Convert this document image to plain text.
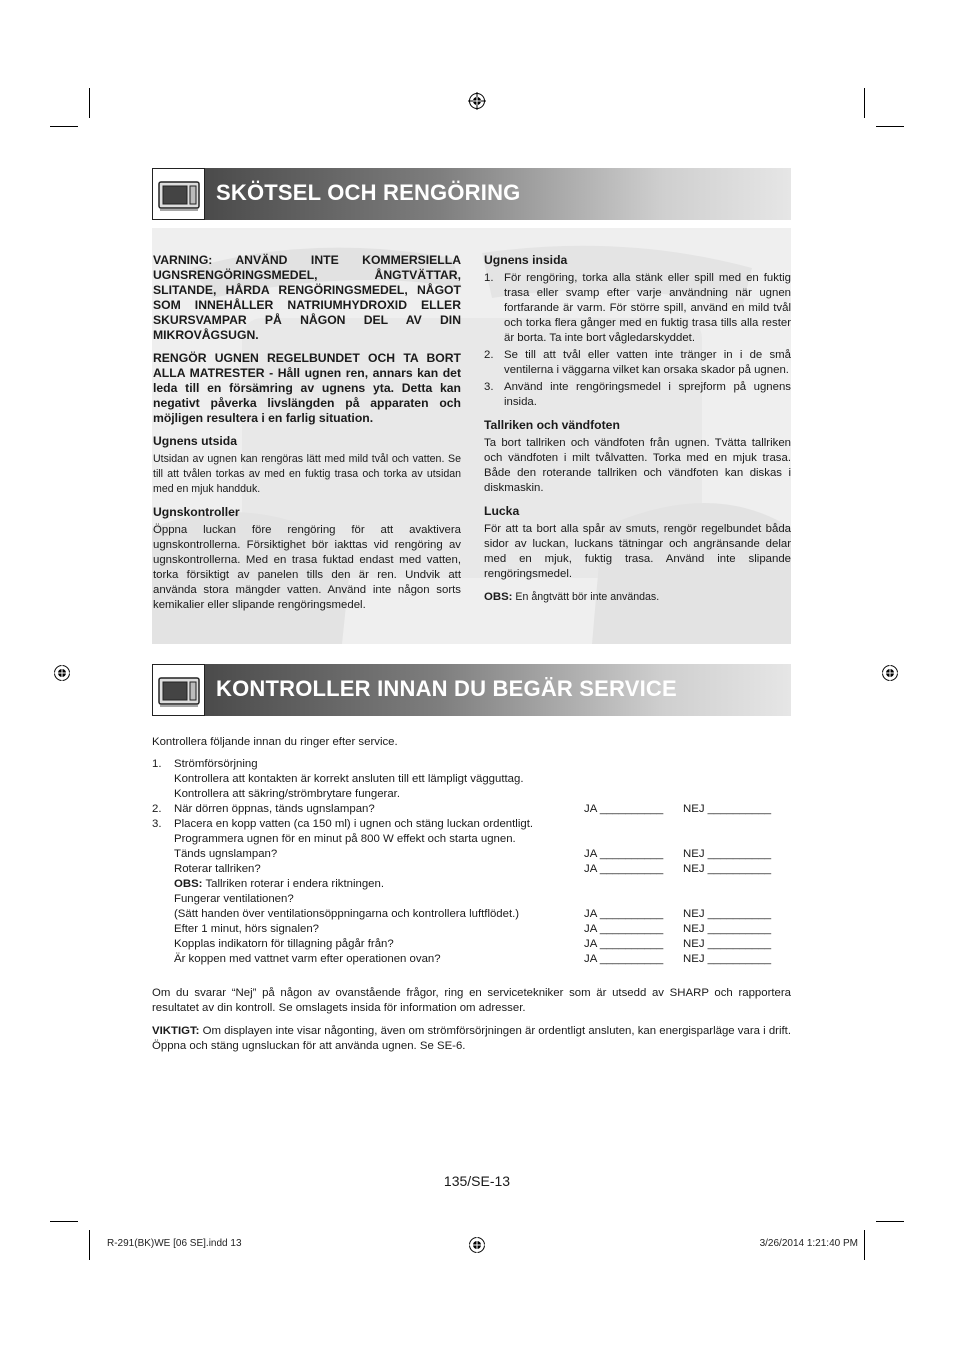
SKÖTSEL OCH RENGÖRING

VARNING: ANVÄND INTE KOMMERSIELLA UGNSRENGÖRINGSMEDEL, ÅNGTVÄTTAR, SLITANDE, HÅRDA RENGÖRINGSMEDEL, NÅGOT SOM INNEHÅLLER NATRIUMHYDROXID ELLER SKURSVAMPAR PÅ NÅGON DEL AV DIN MIKROVÅGSUGN.

RENGÖR UGNEN REGELBUNDET OCH TA BORT ALLA MATRESTER - Håll ugnen ren, annars kan det leda till en försämring av ugnens yta. Detta kan negativt påverka livslängden på apparaten och möjligen resultera i en farlig situation.

Ugnens utsida

Utsidan av ugnen kan rengöras lätt med mild tvål och vatten. Se till att tvålen torkas av med en fuktig trasa och torka av utsidan med en mjuk handduk.

Ugnskontroller

Öppna luckan före rengöring för att avaktivera ugnskontrollerna. Försiktighet bör iakttas vid rengöring av ugnskontrollerna. Med en trasa fuktad endast med vatten, torka försiktigt av panelen tills den är ren. Undvik att använda stora mängder vatten. Använd inte någon sorts kemikalier eller slipande rengöringsmedel.

Ugnens insida

1. För rengöring, torka alla stänk eller spill med en fuktig trasa eller svamp efter varje användning när ugnen fortfarande är varm. För större spill, använd en mild tvål och torka flera gånger med en fuktig trasa tills alla rester är borta. Ta inte bort vågledarskyddet.
2. Se till att tvål eller vatten inte tränger in i de små ventilerna i väggarna vilket kan orsaka skador på ugnen.
3. Använd inte rengöringsmedel i sprejform på ugnens insida.

Tallriken och vändfoten

Ta bort tallriken och vändfoten från ugnen. Tvätta tallriken och vändfoten i milt tvålvatten. Torka med en mjuk trasa. Både den roterande tallriken och vändfoten kan diskas i diskmaskin.

Lucka

För att ta bort alla spår av smuts, rengör regelbundet båda sidor av luckan, luckans tätningar och angränsande delar med en mjuk, fuktig trasa. Använd inte slipande rengöringsmedel.

OBS: En ångtvätt bör inte användas.

KONTROLLER INNAN DU BEGÄR SERVICE
Kontrollera följande innan du ringer efter service.
1. Strömförsörjning
Kontrollera att kontakten är korrekt ansluten till ett lämpligt vägguttag.
Kontrollera att säkring/strömbrytare fungerar.
2. När dörren öppnas, tänds ugnslampan?	JA __________ NEJ __________
3. Placera en kopp vatten (ca 150 ml) i ugnen och stäng luckan ordentligt.
Programmera ugnen för en minut på 800 W effekt och starta ugnen.
Tänds ugnslampan?	JA __________ NEJ __________
Roterar tallriken?	JA __________ NEJ __________
OBS: Tallriken roterar i endera riktningen.
Fungerar ventilationen?
(Sätt handen över ventilationsöppningarna och kontrollera luftflödet.)	JA __________ NEJ __________
Efter 1 minut, hörs signalen?	JA __________ NEJ __________
Kopplas indikatorn för tillagning pågår från?	JA __________ NEJ __________
Är koppen med vattnet varm efter operationen ovan?	JA __________ NEJ __________
Om du svarar “Nej” på någon av ovanstående frågor, ring en servicetekniker som är utsedd av SHARP och rapportera resultatet av din kontroll. Se omslagets insida för information om adresser.
VIKTIGT: Om displayen inte visar någonting, även om strömförsörjningen är ordentligt ansluten, kan energisparläge vara i drift. Öppna och stäng ugnsluckan för att använda ugnen. Se SE-6.
135/SE-13
R-291(BK)WE [06 SE].indd 13	3/26/2014 1:21:40 PM
